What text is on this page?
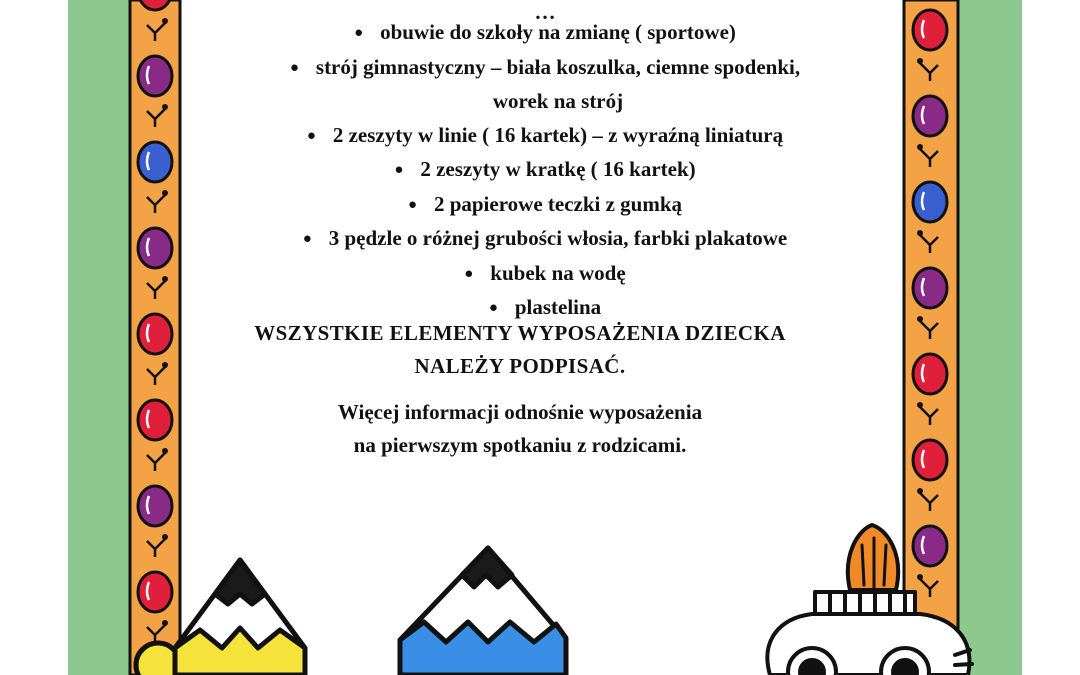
…
● obuwie do szkoły na zmianę ( sportowe)
● strój gimnastyczny – biała koszulka, ciemne spodenki,
worek na strój
● 2 zeszyty w linie ( 16 kartek) – z wyraźną liniaturą
● 2 zeszyty w kratkę ( 16 kartek)
● 2 papierowe teczki z gumką
● 3 pędzle o różnej grubości włosia, farbki plakatowe
● kubek na wodę
● plastelina
WSZYSTKIE ELEMENTY WYPOSAŻENIA DZIECKA
NALEŻY PODPISAĆ.
Więcej informacji odnośnie wyposażenia
na pierwszym spotkaniu z rodzicami.
